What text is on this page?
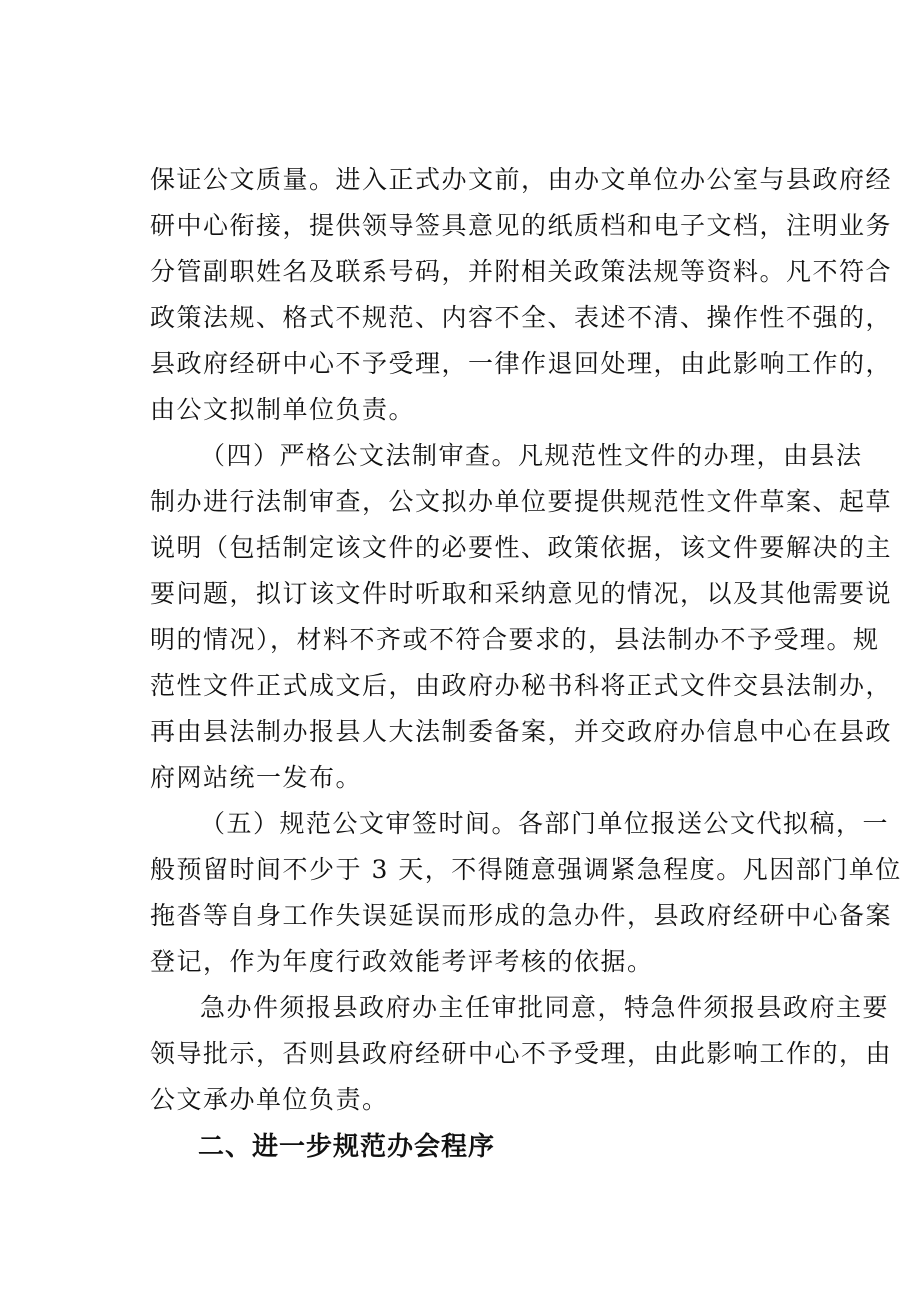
保证公文质量。进入正式办文前，由办文单位办公室与县政府经
研中心衔接，提供领导签具意见的纸质档和电子文档，注明业务
分管副职姓名及联系号码，并附相关政策法规等资料。凡不符合
政策法规、格式不规范、内容不全、表述不清、操作性不强的，
县政府经研中心不予受理，一律作退回处理，由此影响工作的，
由公文拟制单位负责。
（四）严格公文法制审查。凡规范性文件的办理，由县法
制办进行法制审查，公文拟办单位要提供规范性文件草案、起草
说明（包括制定该文件的必要性、政策依据，该文件要解决的主
要问题，拟订该文件时听取和采纳意见的情况，以及其他需要说
明的情况），材料不齐或不符合要求的，县法制办不予受理。规
范性文件正式成文后，由政府办秘书科将正式文件交县法制办，
再由县法制办报县人大法制委备案，并交政府办信息中心在县政
府网站统一发布。
（五）规范公文审签时间。各部门单位报送公文代拟稿，一
般预留时间不少于 3 天，不得随意强调紧急程度。凡因部门单位
拖沓等自身工作失误延误而形成的急办件，县政府经研中心备案
登记，作为年度行政效能考评考核的依据。
急办件须报县政府办主任审批同意，特急件须报县政府主要
领导批示，否则县政府经研中心不予受理，由此影响工作的，由
公文承办单位负责。
二、进一步规范办会程序
